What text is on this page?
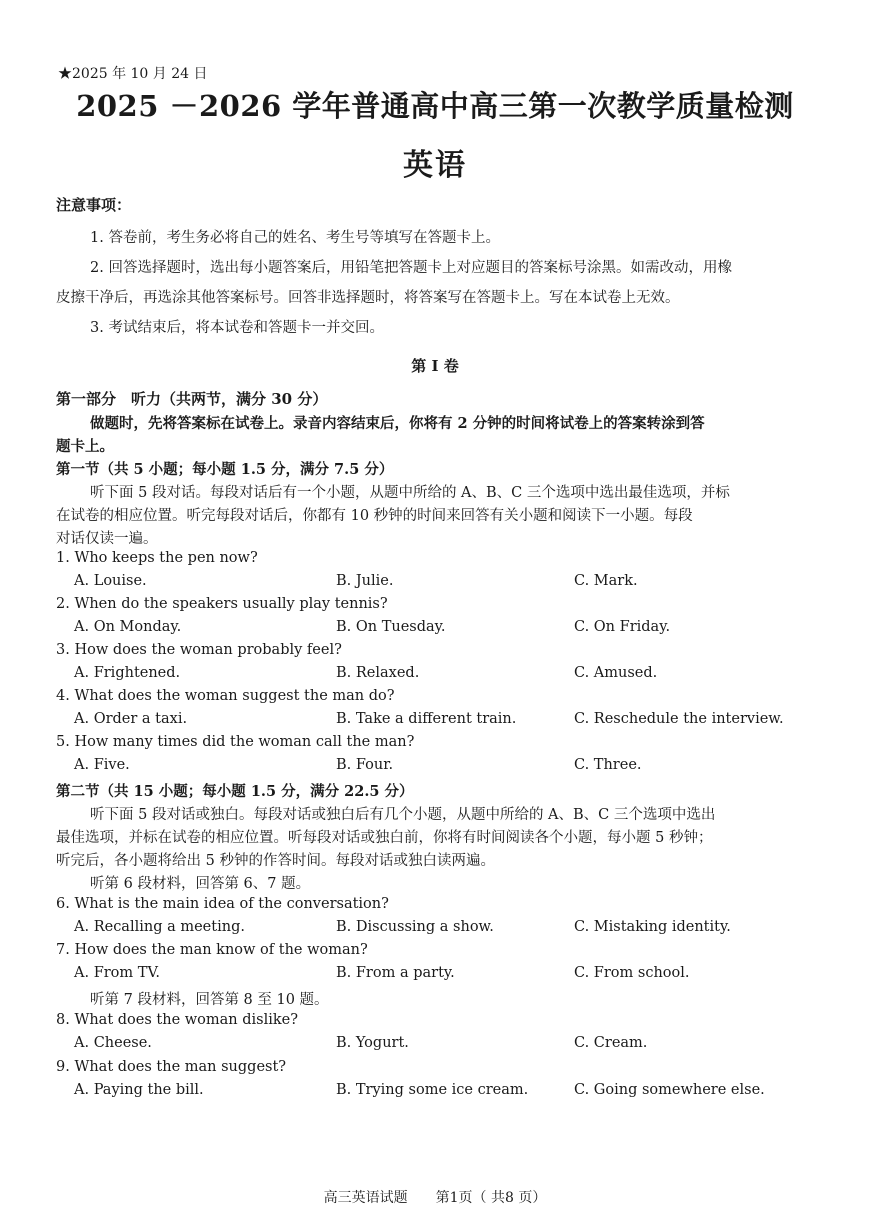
★2025 年 10 月 24 日
2025 －2026 学年普通高中高三第一次教学质量检测
英语
注意事项：
1. 答卷前，考生务必将自己的姓名、考生号等填写在答题卡上。
2. 回答选择题时，选出每小题答案后，用铅笔把答题卡上对应题目的答案标号涂黑。如需改动，用橡
皮擦干净后，再选涂其他答案标号。回答非选择题时，将答案写在答题卡上。写在本试卷上无效。
3. 考试结束后，将本试卷和答题卡一并交回。
第 I 卷
第一部分　听力（共两节，满分 30 分）
做题时，先将答案标在试卷上。录音内容结束后，你将有 2 分钟的时间将试卷上的答案转涂到答
题卡上。
第一节（共 5 小题；每小题 1.5 分，满分 7.5 分）
听下面 5 段对话。每段对话后有一个小题，从题中所给的 A、B、C 三个选项中选出最佳选项，并标
在试卷的相应位置。听完每段对话后，你都有 10 秒钟的时间来回答有关小题和阅读下一小题。每段
对话仅读一遍。
1. Who keeps the pen now?
A. Louise.	B. Julie.	C. Mark.
2. When do the speakers usually play tennis?
A. On Monday.	B. On Tuesday.	C. On Friday.
3. How does the woman probably feel?
A. Frightened.	B. Relaxed.	C. Amused.
4. What does the woman suggest the man do?
A. Order a taxi.	B. Take a different train.	C. Reschedule the interview.
5. How many times did the woman call the man?
A. Five.	B. Four.	C. Three.
第二节（共 15 小题；每小题 1.5 分，满分 22.5 分）
听下面 5 段对话或独白。每段对话或独白后有几个小题，从题中所给的 A、B、C 三个选项中选出
最佳选项，并标在试卷的相应位置。听每段对话或独白前，你将有时间阅读各个小题，每小题 5 秒钟；
听完后，各小题将给出 5 秒钟的作答时间。每段对话或独白读两遍。
听第 6 段材料，回答第 6、7 题。
6. What is the main idea of the conversation?
A. Recalling a meeting.	B. Discussing a show.	C. Mistaking identity.
7. How does the man know of the woman?
A. From TV.	B. From a party.	C. From school.
听第 7 段材料，回答第 8 至 10 题。
8. What does the woman dislike?
A. Cheese.	B. Yogurt.	C. Cream.
9. What does the man suggest?
A. Paying the bill.	B. Trying some ice cream.	C. Going somewhere else.
高三英语试题　　第1页（ 共8 页）
